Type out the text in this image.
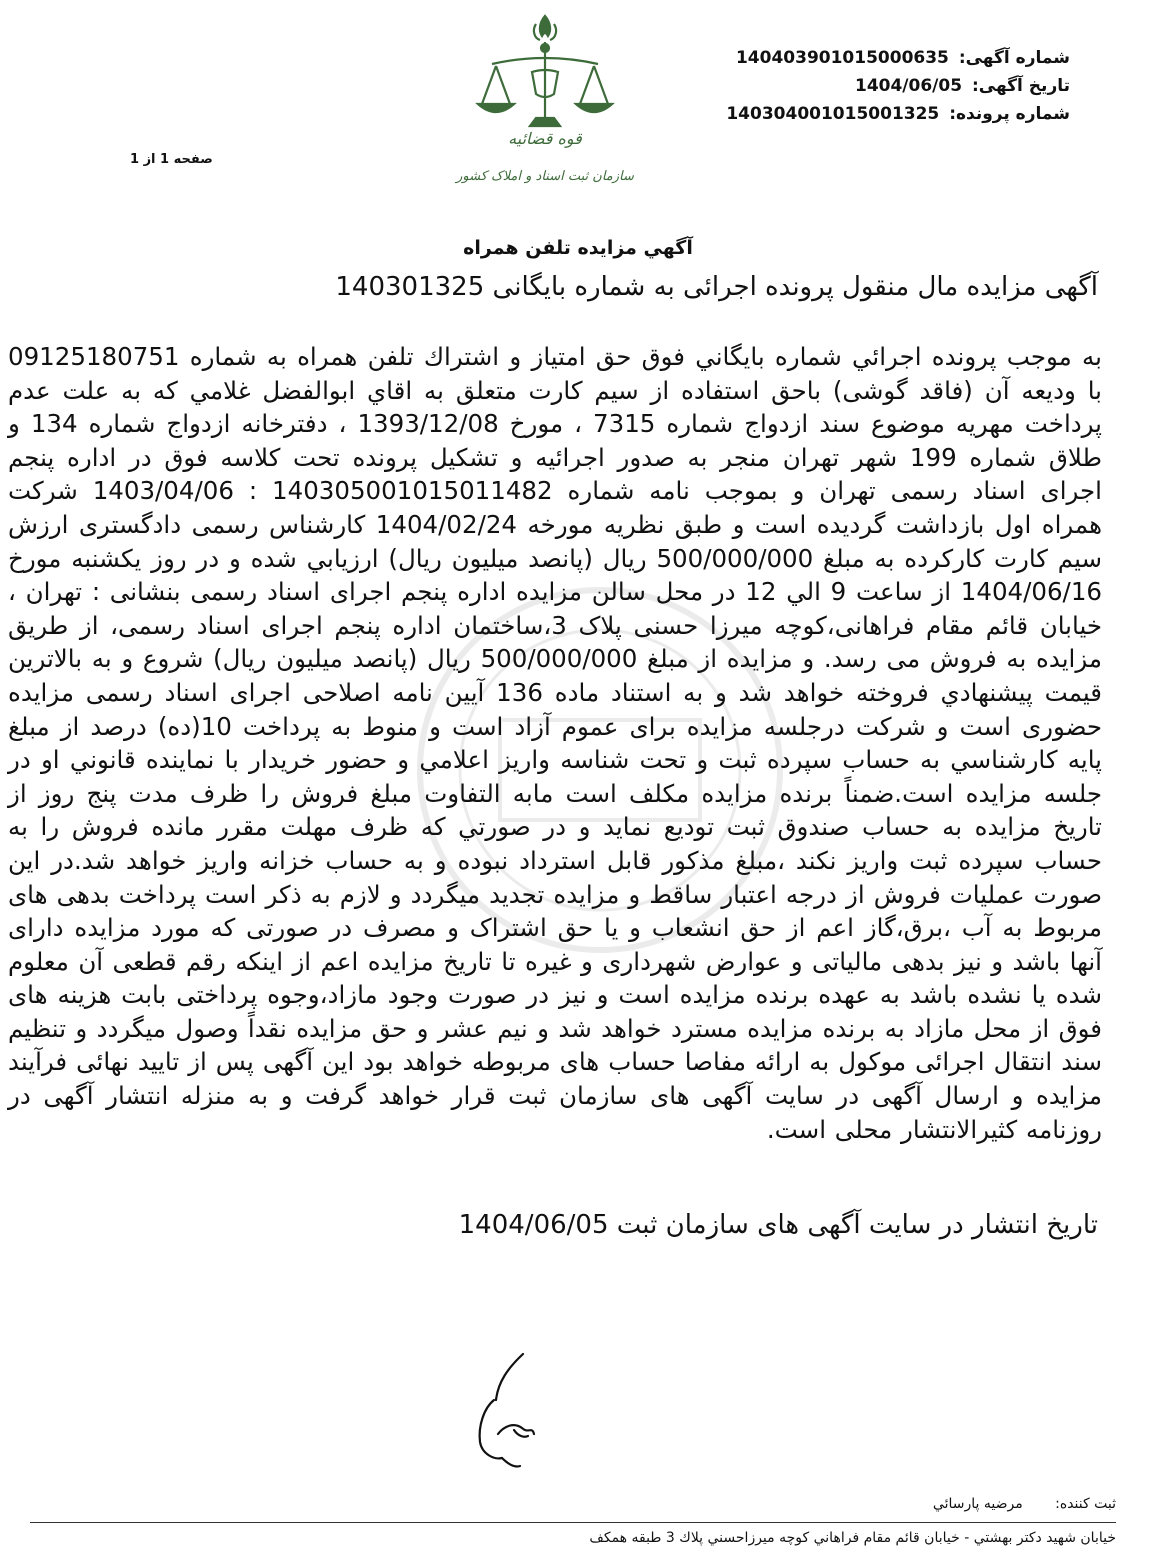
شماره آگهی: 140403901015000635
تاریخ آگهی: 1404/06/05
شماره پرونده: 140304001015001325
قوه قضائیه
سازمان ثبت اسناد و املاک کشور
صفحه 1 از 1
آگهي مزايده تلفن همراه
آگهی مزایده مال منقول پرونده اجرائی به شماره بایگانی 140301325
به موجب پرونده اجرائي شماره بايگاني فوق حق امتياز و اشتراك تلفن همراه به شماره 09125180751 با وديعه آن (فاقد گوشی) باحق استفاده از سيم كارت متعلق به اقاي ابوالفضل غلامي كه به علت عدم پرداخت مهريه موضوع سند ازدواج شماره 7315 ، مورخ 1393/12/08 ، دفترخانه ازدواج شماره 134 و طلاق شماره 199 شهر تهران منجر به صدور اجرائيه و تشكيل پرونده تحت كلاسه فوق در اداره پنجم اجرای اسناد رسمی تهران و بموجب نامه شماره 140305001015011482 : 1403/04/06 شركت همراه اول بازداشت گرديده است و طبق نظريه مورخه 1404/02/24 كارشناس رسمی دادگستری ارزش سيم كارت كاركرده به مبلغ 500/000/000 ريال (پانصد ميليون ريال) ارزيابي شده و در روز يكشنبه مورخ 1404/06/16 از ساعت 9 الي 12 در محل سالن مزایده اداره پنجم اجرای اسناد رسمی بنشانی : تهران ، خیابان قائم مقام فراهانی،کوچه میرزا حسنی پلاک 3،ساختمان اداره پنجم اجرای اسناد رسمی، از طریق مزایده به فروش می رسد. و مزايده از مبلغ 500/000/000 ريال (پانصد ميليون ريال) شروع و به بالاترين قيمت پيشنهادي فروخته خواهد شد و به استناد ماده 136 آيين نامه اصلاحی اجرای اسناد رسمی مزایده حضوری است و شرکت درجلسه مزایده برای عموم آزاد است و منوط به پرداخت 10(ده) درصد از مبلغ پايه كارشناسي به حساب سپرده ثبت و تحت شناسه واريز اعلامي و حضور خريدار با نماينده قانوني او در جلسه مزايده است.ضمناً برنده مزایده مکلف است مابه التفاوت مبلغ فروش را ظرف مدت پنج روز از تاريخ مزايده به حساب صندوق ثبت توديع نمايد و در صورتي كه ظرف مهلت مقرر مانده فروش را به حساب سپرده ثبت واريز نكند ،مبلغ مذكور قابل استرداد نبوده و به حساب خزانه واريز خواهد شد.در این صورت عملیات فروش از درجه اعتبار ساقط و مزایده تجدید میگردد و لازم به ذکر است پرداخت بدهی های مربوط به آب ،برق،گاز اعم از حق انشعاب و یا حق اشتراک و مصرف در صورتی که مورد مزایده دارای آنها باشد و نیز بدهی مالیاتی و عوارض شهرداری و غیره تا تاریخ مزایده اعم از اینکه رقم قطعی آن معلوم شده یا نشده باشد به عهده برنده مزایده است و نیز در صورت وجود مازاد،وجوه پرداختی بابت هزینه های فوق از محل مازاد به برنده مزایده مسترد خواهد شد و نیم عشر و حق مزایده نقداً وصول میگردد و تنظیم سند انتقال اجرائی موکول به ارائه مفاصا حساب های مربوطه خواهد بود این آگهی پس از تایید نهائی فرآیند مزایده و ارسال آگهی در سایت آگهی های سازمان ثبت قرار خواهد گرفت و به منزله انتشار آگهی در روزنامه کثیرالانتشار محلی است.
تاریخ انتشار در سایت آگهی های سازمان ثبت 1404/06/05
ثبت کننده: مرضيه پارسائي
خيابان شهيد دكتر بهشتي - خيابان قائم مقام فراهاني كوچه ميرزاحسني پلاك 3 طبقه همكف
